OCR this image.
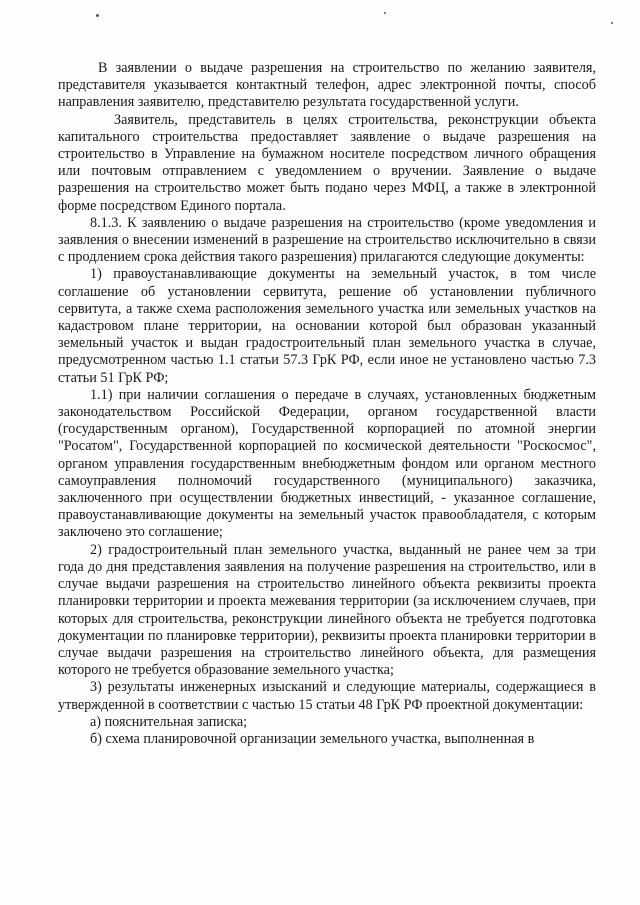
В заявлении о выдаче разрешения на строительство по желанию заявителя, представителя указывается контактный телефон, адрес электронной почты, способ направления заявителю, представителю результата государственной услуги.

Заявитель, представитель в целях строительства, реконструкции объекта капитального строительства предоставляет заявление о выдаче разрешения на строительство в Управление на бумажном носителе посредством личного обращения или почтовым отправлением с уведомлением о вручении. Заявление о выдаче разрешения на строительство может быть подано через МФЦ, а также в электронной форме посредством Единого портала.

8.1.3. К заявлению о выдаче разрешения на строительство (кроме уведомления и заявления о внесении изменений в разрешение на строительство исключительно в связи с продлением срока действия такого разрешения) прилагаются следующие документы:

1) правоустанавливающие документы на земельный участок, в том числе соглашение об установлении сервитута, решение об установлении публичного сервитута, а также схема расположения земельного участка или земельных участков на кадастровом плане территории, на основании которой был образован указанный земельный участок и выдан градостроительный план земельного участка в случае, предусмотренном частью 1.1 статьи 57.3 ГрК РФ, если иное не установлено частью 7.3 статьи 51 ГрК РФ;

1.1) при наличии соглашения о передаче в случаях, установленных бюджетным законодательством Российской Федерации, органом государственной власти (государственным органом), Государственной корпорацией по атомной энергии "Росатом", Государственной корпорацией по космической деятельности "Роскосмос", органом управления государственным внебюджетным фондом или органом местного самоуправления полномочий государственного (муниципального) заказчика, заключенного при осуществлении бюджетных инвестиций, - указанное соглашение, правоустанавливающие документы на земельный участок правообладателя, с которым заключено это соглашение;

2) градостроительный план земельного участка, выданный не ранее чем за три года до дня представления заявления на получение разрешения на строительство, или в случае выдачи разрешения на строительство линейного объекта реквизиты проекта планировки территории и проекта межевания территории (за исключением случаев, при которых для строительства, реконструкции линейного объекта не требуется подготовка документации по планировке территории), реквизиты проекта планировки территории в случае выдачи разрешения на строительство линейного объекта, для размещения которого не требуется образование земельного участка;

3) результаты инженерных изысканий и следующие материалы, содержащиеся в утвержденной в соответствии с частью 15 статьи 48 ГрК РФ проектной документации:

а) пояснительная записка;

б) схема планировочной организации земельного участка, выполненная в
